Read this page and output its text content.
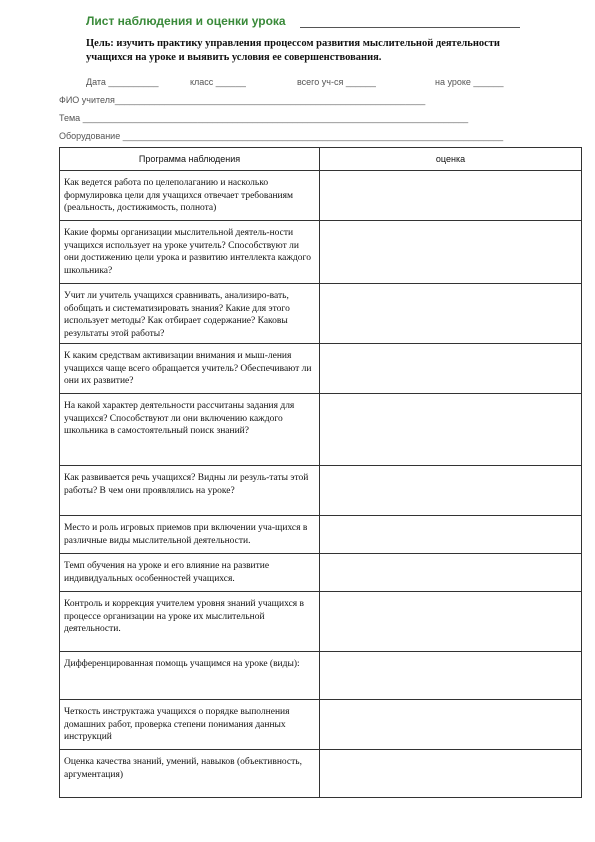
Лист наблюдения и оценки урока
Цель: изучить практику управления процессом развития мыслительной деятельности учащихся на уроке и выявить условия ее совершенствования.
Дата __________	класс ______	всего уч-ся ______	на уроке ______
ФИО учителя______________________________________________________________
Тема _____________________________________________________________________________
Оборудование ____________________________________________________________________________
Программа наблюдения	оценка
Как ведется работа по целеполаганию и насколько формулировка цели для учащихся отвечает требованиям (реальность, достижимость, полнота)	
Какие формы организации мыслительной деятель-ности учащихся использует на уроке учитель? Способствуют ли они достижению цели урока и развитию интеллекта каждого школьника?	
Учит ли учитель учащихся сравнивать, анализиро-вать, обобщать и систематизировать знания? Какие для этого использует методы? Как отбирает содержание? Каковы результаты этой работы?	
К каким средствам активизации внимания и мыш-ления учащихся чаще всего обращается учитель? Обеспечивают ли они их развитие?	
На какой характер деятельности рассчитаны задания для учащихся? Способствуют ли они включению каждого школьника в самостоятельный поиск знаний?	
Как развивается речь учащихся? Видны ли резуль-таты этой работы? В чем они проявлялись на уроке?	
Место и роль игровых приемов при включении уча-щихся в различные виды мыслительной деятельности.	
Темп обучения на уроке и его влияние на развитие индивидуальных особенностей учащихся.	
Контроль и коррекция учителем уровня знаний учащихся в процессе организации на уроке их мыслительной деятельности.	
Дифференцированная помощь учащимся на уроке (виды):	
Четкость инструктажа учащихся о порядке выполнения домашних работ, проверка степени понимания данных инструкций	
Оценка качества знаний, умений, навыков (объективность, аргументация)	
